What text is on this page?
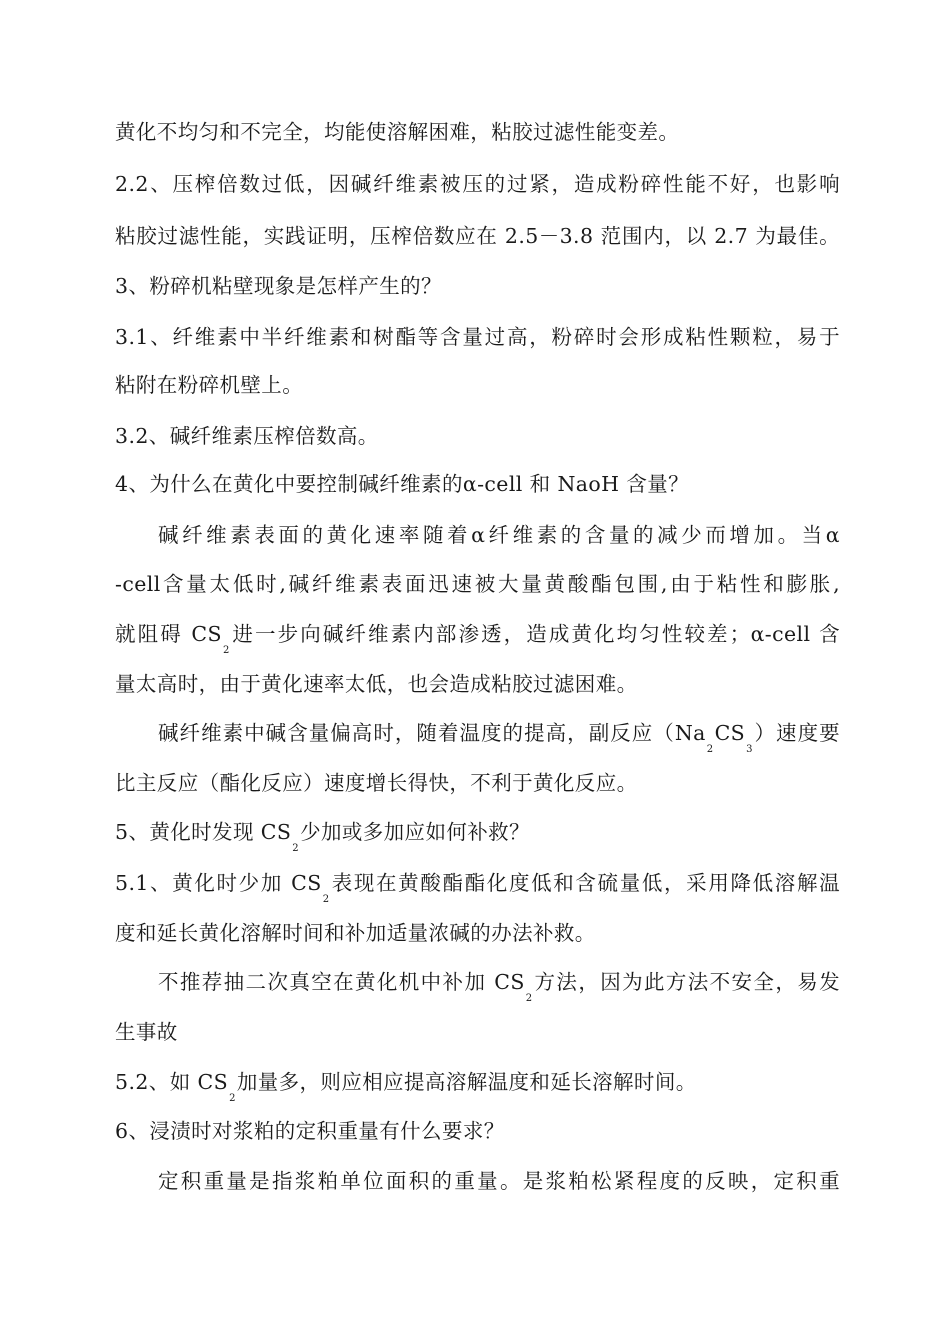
黄化不均匀和不完全，均能使溶解困难，粘胶过滤性能变差。
2.2、压榨倍数过低，因碱纤维素被压的过紧，造成粉碎性能不好，也影响
粘胶过滤性能，实践证明，压榨倍数应在 2.5－3.8 范围内，以 2.7 为最佳。
3、粉碎机粘壁现象是怎样产生的？
3.1、纤维素中半纤维素和树酯等含量过高，粉碎时会形成粘性颗粒，易于
粘附在粉碎机壁上。
3.2、碱纤维素压榨倍数高。
4、为什么在黄化中要控制碱纤维素的α-cell 和 NaoH 含量？
碱纤维素表面的黄化速率随着α纤维素的含量的减少而增加。当α
-cell含量太低时,碱纤维素表面迅速被大量黄酸酯包围,由于粘性和膨胀,
就阻碍 $CS_2$进一步向碱纤维素内部渗透，造成黄化均匀性较差；α-cell 含
量太高时，由于黄化速率太低，也会造成粘胶过滤困难。
碱纤维素中碱含量偏高时，随着温度的提高，副反应$(Na_2CS_3)$速度要
比主反应（酯化反应）速度增长得快，不利于黄化反应。
5、黄化时发现 $CS_2$少加或多加应如何补救？
5.1、黄化时少加 $CS_2$表现在黄酸酯酯化度低和含硫量低，采用降低溶解温
度和延长黄化溶解时间和补加适量浓碱的办法补救。
不推荐抽二次真空在黄化机中补加 $CS_2$方法，因为此方法不安全，易发
生事故
5.2、如 $CS_2$加量多，则应相应提高溶解温度和延长溶解时间。
6、浸渍时对浆粕的定积重量有什么要求？
定积重量是指浆粕单位面积的重量。是浆粕松紧程度的反映，定积重
